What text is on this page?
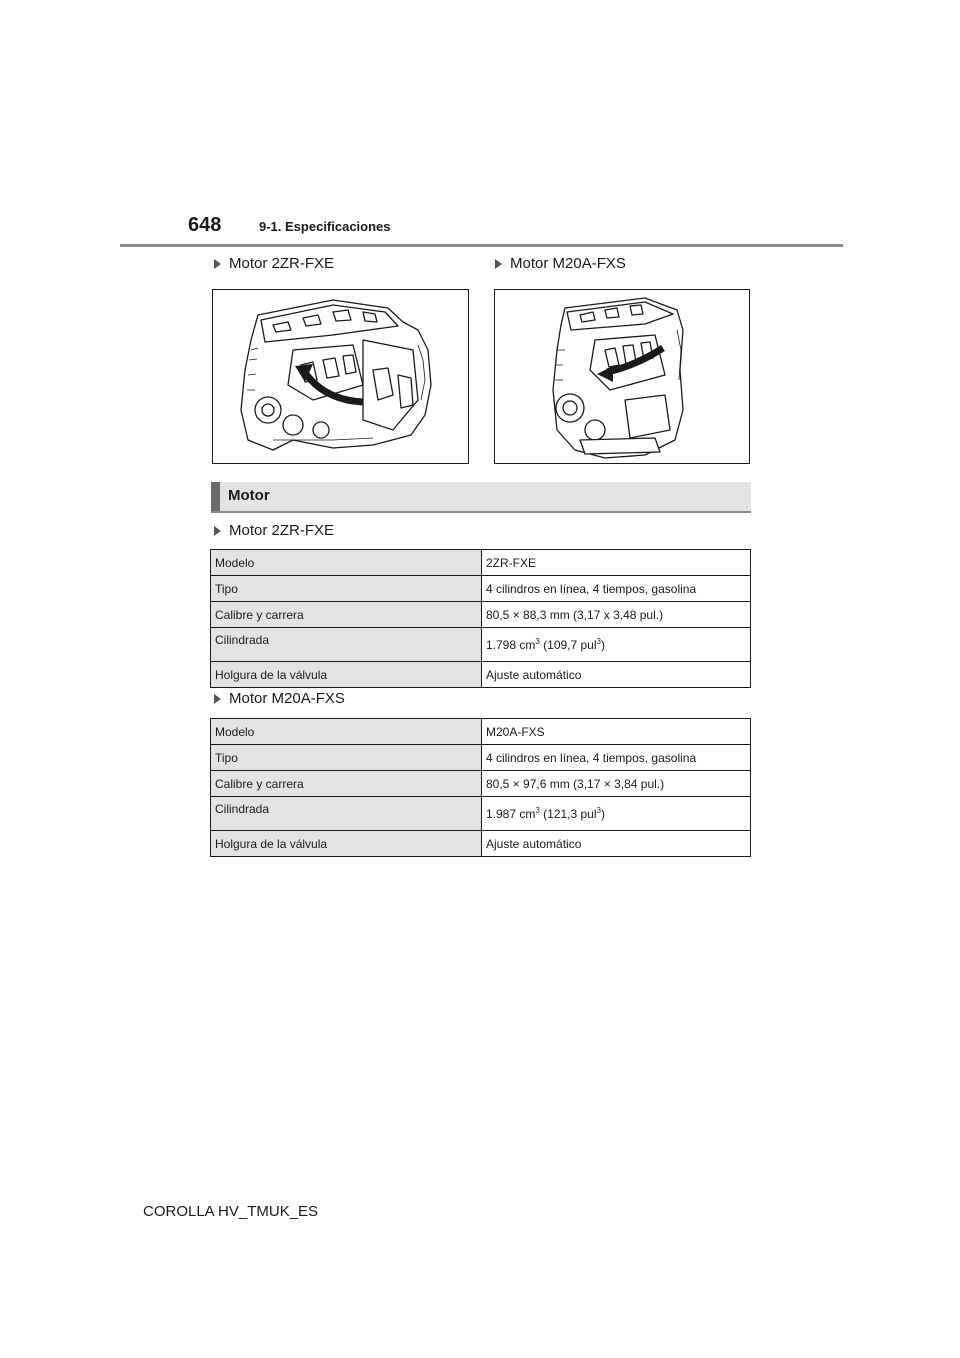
648	9-1. Especificaciones
Motor 2ZR-FXE	Motor M20A-FXS
Motor
Motor 2ZR-FXE
Modelo	2ZR-FXE
Tipo	4 cilindros en línea, 4 tiempos, gasolina
Calibre y carrera	80,5 × 88,3 mm (3,17 x 3,48 pul.)
Cilindrada	1.798 $cm^3$ (109,7 pul$^3$)
Holgura de la válvula	Ajuste automático
Motor M20A-FXS
Modelo	M20A-FXS
Tipo	4 cilindros en línea, 4 tiempos, gasolina
Calibre y carrera	80,5 × 97,6 mm (3,17 × 3,84 pul.)
Cilindrada	1.987 $cm^3$ (121,3 pul$^3$)
Holgura de la válvula	Ajuste automático
COROLLA HV_TMUK_ES
